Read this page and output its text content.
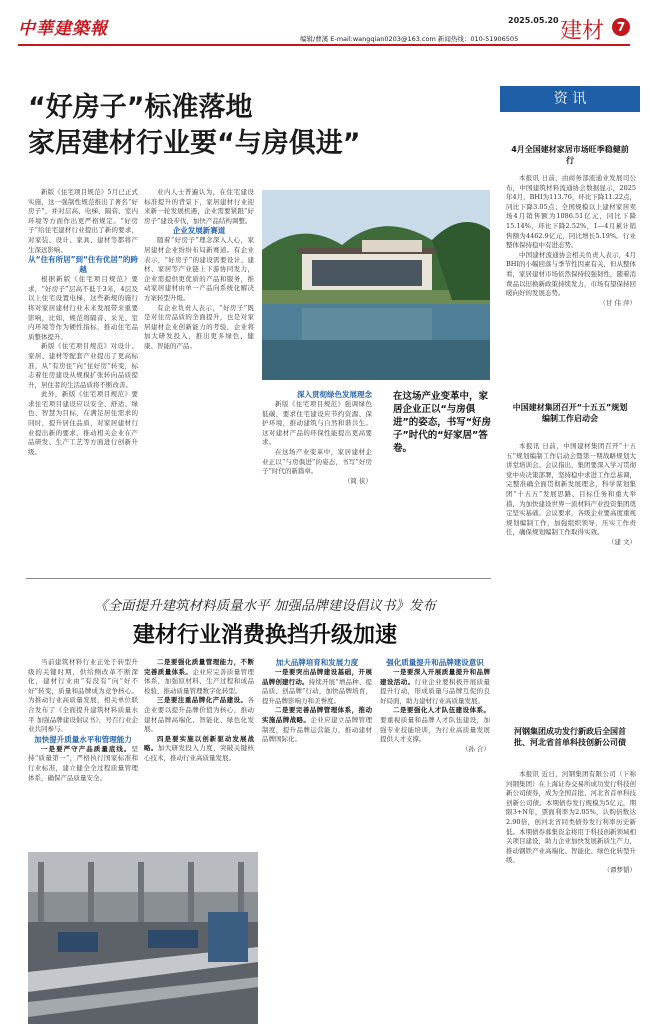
中華建築報	2025.05.20 建材	7
编辑/曹溪 E-mail:wangqian0203@163.com 新闻热线：010-51906505
“好房子”标准落地
家居建材行业要“与房俱进”

新版《住宅项目规范》5月已正式实施，这一强制性规范推出了著名“好房子”，并对层高、电梯、隔音、室内环境等方面作出更严格规定。“好房子”给住宅建材行业提出了新的要求，对家装、设计、家具、建材等都将产生深远影响。

从“住有所居”到“住有优居”的跨越

根据新版《住宅项目规范》要求，“好房子”层高不低于3米，4层及以上住宅设置电梯，这些新规的施行将对家居建材行业未来发展带来重要影响，比如，规范将隔音、采光、室内环境等作为硬性指标，推动住宅品质整体提升。

新版《住宅项目规范》对设计、家居、建材等配套产业提出了更高标准，从“有房住”向“住好房”转变，标志着住房建设从规模扩张转向品质提升，居住者的生活品质将不断改善。

此外，新版《住宅项目规范》要求住宅项目建设应以安全、舒适、绿色、智慧为目标，在满足居住需求的同时，提升居住品质，对家居建材行业提出新的要求，推动相关企业在产品研发、生产工艺等方面进行创新升级。

业内人士普遍认为，在住宅建设标准提升的背景下，家居建材行业迎来新一轮发展机遇，企业需要紧跟“好房子”建设步伐，加快产品结构调整。

企业发展新赛道

随着“好房子”理念深入人心，家居建材企业纷纷布局新赛道。有企业表示，“好房子”的建设需要设计、建材、家居等产业链上下游协同发力，企业需提供更优质的产品和服务，推动家居建材由单一产品向系统化解决方案转型升级。

有企业负责人表示，“好房子”既是对住房品质的全面提升，也是对家居建材企业创新能力的考验，企业将加大研发投入，推出更多绿色、健康、智能的产品。

深入贯彻绿色发展理念

新版《住宅项目规范》强调绿色低碳，要求住宅建设应节约资源、保护环境，推动建筑与自然和谐共生。这对建材产品的环保性能提出更高要求。

在这场产业变革中，家居建材企业正以“与房俱进”的姿态，书写“好房子”时代的新篇章。

（简 侠）

在这场产业变革中，家居企业正以“与房俱进”的姿态，书写“好房子”时代的“好家居”答卷。
《全面提升建筑材料质量水平 加强品牌建设倡议书》发布
建材行业消费换挡升级加速

当前建筑材料行业正处于转型升级的关键时期，供给侧改革不断深化，建材行业由“有没有”向“好不好”转变，质量和品牌成为竞争核心。为推动行业高质量发展，相关单位联合发布了《全面提升建筑材料质量水平 加强品牌建设倡议书》，号召行业企业共同参与。

加快提升质量水平和管理能力

一是要严守产品质量底线。坚持“质量第一”，严格执行国家标准和行业标准，建立健全全过程质量管理体系，确保产品质量安全。

二是要强化质量管理能力，不断完善质量体系。企业应完善质量管理体系，加强原材料、生产过程和成品检验，推动质量管理数字化转型。

三是要注重品牌化产品建设。各企业要以提升品牌价值为核心，推动建材品牌高端化、智能化、绿色化发展。

四是要实施以创新驱动发展战略。加大研发投入力度，突破关键核心技术，推动行业高质量发展。

加大品牌培育和发展力度

一是要突出品牌建设基础，开展品牌创建行动。持续开展“增品种、提品质、创品牌”行动，加快品牌培育，提升品牌影响力和美誉度。

二是要完善品牌管理体系，推动实施品牌战略。企业应建立品牌管理制度，提升品牌运营能力，推动建材品牌国际化。

强化质量提升和品牌建设意识

一是要深入开展质量提升和品牌建设活动。行业企业要积极开展质量提升行动，形成质量与品牌互促的良好局面，助力建材行业高质量发展。

二是要强化人才队伍建设体系。要重视质量和品牌人才队伍建设，加强专业技能培训，为行业高质量发展提供人才支撑。

（孙 合）

资 讯
4月全国建材家居市场旺季稳健前行

本报讯 日前，由商务部流通业发展司公布，中国建筑材料流通协会数据显示，2025年4月，BHI为113.76，环比下降11.22点，同比下降3.05点；全国规模以上建材家居卖场4月销售额为1086.51亿元，同比下降15.14%，环比下降2.52%，1—4月累计销售额为4462.9亿元，同比增长5.19%。行业整体保持稳中有进态势。

中国建材流通协会相关负责人表示，4月BHI的小幅回落与季节性因素有关，但从整体看，家居建材市场依然保持较强韧性，随着消费品以旧换新政策持续发力，市场有望保持回暖向好的发展态势。

（甘 伟 萍）

中国建材集团召开“十五五”规划编制工作启动会

本报讯 日前，中国建材集团召开“十五五”规划编制工作启动会暨第一期战略规划大讲堂培训会。会议指出，集团要深入学习贯彻党中央决策部署，坚持稳中求进工作总基调，完整准确全面贯彻新发展理念，科学谋划集团“十五五”发展思路、目标任务和重大举措，为加快建设世界一流材料产业投资集团奠定坚实基础。会议要求，各级企业要高度重视规划编制工作，加强组织领导，压实工作责任，确保规划编制工作取得实效。

（建 文）

河钢集团成功发行新政后全国首批、河北省首单科技创新公司债

本报讯 近日，河钢集团有限公司（下称河钢集团）在上海证券交易所成功发行科技创新公司债券，成为全国首批、河北省首单科技创新公司债。本期债券发行规模为5亿元，期限3+N年，票面利率为2.05%，认购倍数达2.90倍，创河北省同类债券发行利率历史新低。本期债券募集资金将用于科技创新领域相关项目建设，助力企业加快发展新质生产力，推动钢铁产业高端化、智能化、绿色化转型升级。

（谭梦韬）
